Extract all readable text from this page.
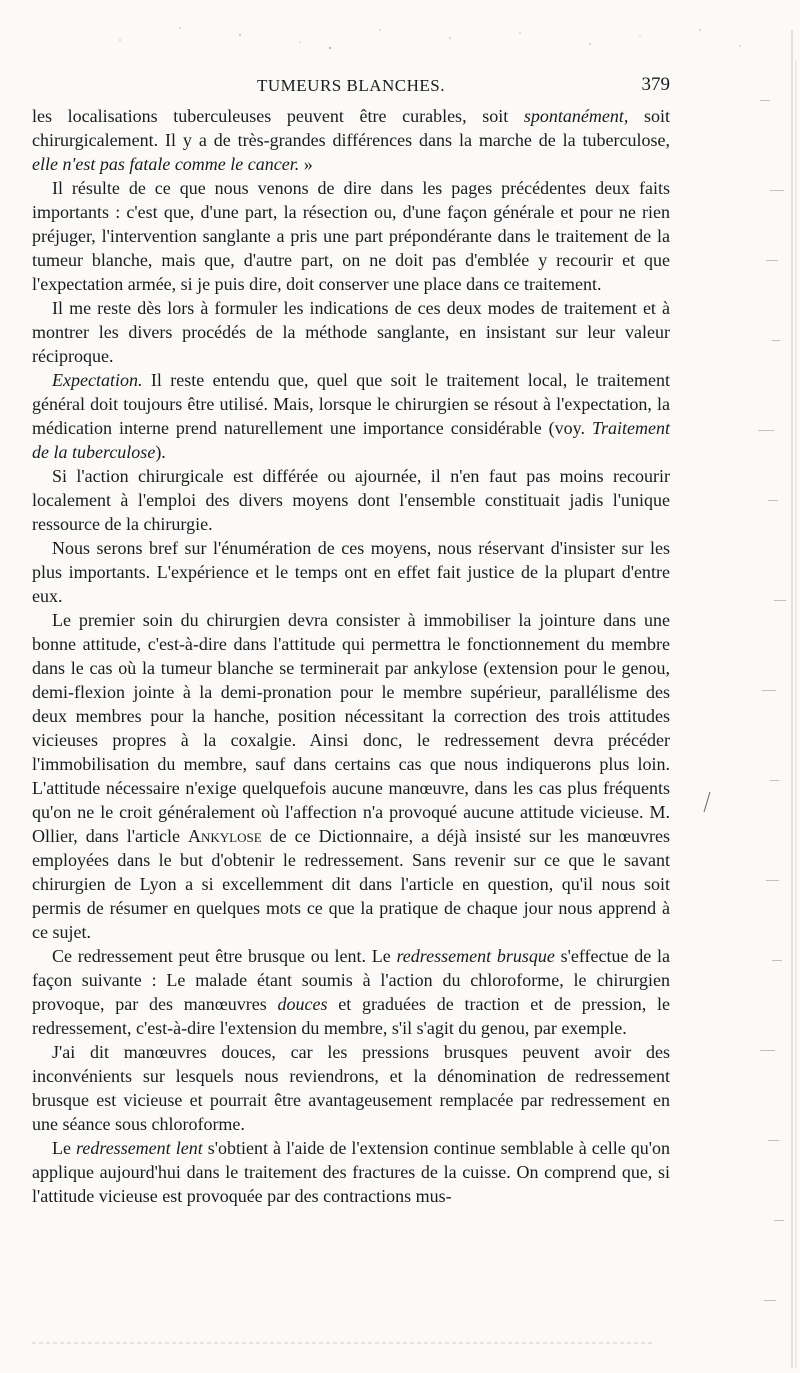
TUMEURS BLANCHES.	379

les localisations tuberculeuses peuvent être curables, soit spontanément, soit chirurgicalement. Il y a de très-grandes différences dans la marche de la tuberculose, elle n'est pas fatale comme le cancer. »

Il résulte de ce que nous venons de dire dans les pages précédentes deux faits importants : c'est que, d'une part, la résection ou, d'une façon générale et pour ne rien préjuger, l'intervention sanglante a pris une part prépondérante dans le traitement de la tumeur blanche, mais que, d'autre part, on ne doit pas d'emblée y recourir et que l'expectation armée, si je puis dire, doit conserver une place dans ce traitement.

Il me reste dès lors à formuler les indications de ces deux modes de traitement et à montrer les divers procédés de la méthode sanglante, en insistant sur leur valeur réciproque.

Expectation. Il reste entendu que, quel que soit le traitement local, le traitement général doit toujours être utilisé. Mais, lorsque le chirurgien se résout à l'expectation, la médication interne prend naturellement une importance considérable (voy. Traitement de la tuberculose).

Si l'action chirurgicale est différée ou ajournée, il n'en faut pas moins recourir localement à l'emploi des divers moyens dont l'ensemble constituait jadis l'unique ressource de la chirurgie.

Nous serons bref sur l'énumération de ces moyens, nous réservant d'insister sur les plus importants. L'expérience et le temps ont en effet fait justice de la plupart d'entre eux.

Le premier soin du chirurgien devra consister à immobiliser la jointure dans une bonne attitude, c'est-à-dire dans l'attitude qui permettra le fonctionnement du membre dans le cas où la tumeur blanche se terminerait par ankylose (extension pour le genou, demi-flexion jointe à la demi-pronation pour le membre supérieur, parallélisme des deux membres pour la hanche, position nécessitant la correction des trois attitudes vicieuses propres à la coxalgie. Ainsi donc, le redressement devra précéder l'immobilisation du membre, sauf dans certains cas que nous indiquerons plus loin. L'attitude nécessaire n'exige quelquefois aucune manœuvre, dans les cas plus fréquents qu'on ne le croit généralement où l'affection n'a provoqué aucune attitude vicieuse. M. Ollier, dans l'article Ankylose de ce Dictionnaire, a déjà insisté sur les manœuvres employées dans le but d'obtenir le redressement. Sans revenir sur ce que le savant chirurgien de Lyon a si excellemment dit dans l'article en question, qu'il nous soit permis de résumer en quelques mots ce que la pratique de chaque jour nous apprend à ce sujet.

Ce redressement peut être brusque ou lent. Le redressement brusque s'effectue de la façon suivante : Le malade étant soumis à l'action du chloroforme, le chirurgien provoque, par des manœuvres douces et graduées de traction et de pression, le redressement, c'est-à-dire l'extension du membre, s'il s'agit du genou, par exemple.

J'ai dit manœuvres douces, car les pressions brusques peuvent avoir des inconvénients sur lesquels nous reviendrons, et la dénomination de redressement brusque est vicieuse et pourrait être avantageusement remplacée par redressement en une séance sous chloroforme.

Le redressement lent s'obtient à l'aide de l'extension continue semblable à celle qu'on applique aujourd'hui dans le traitement des fractures de la cuisse. On comprend que, si l'attitude vicieuse est provoquée par des contractions mus-
